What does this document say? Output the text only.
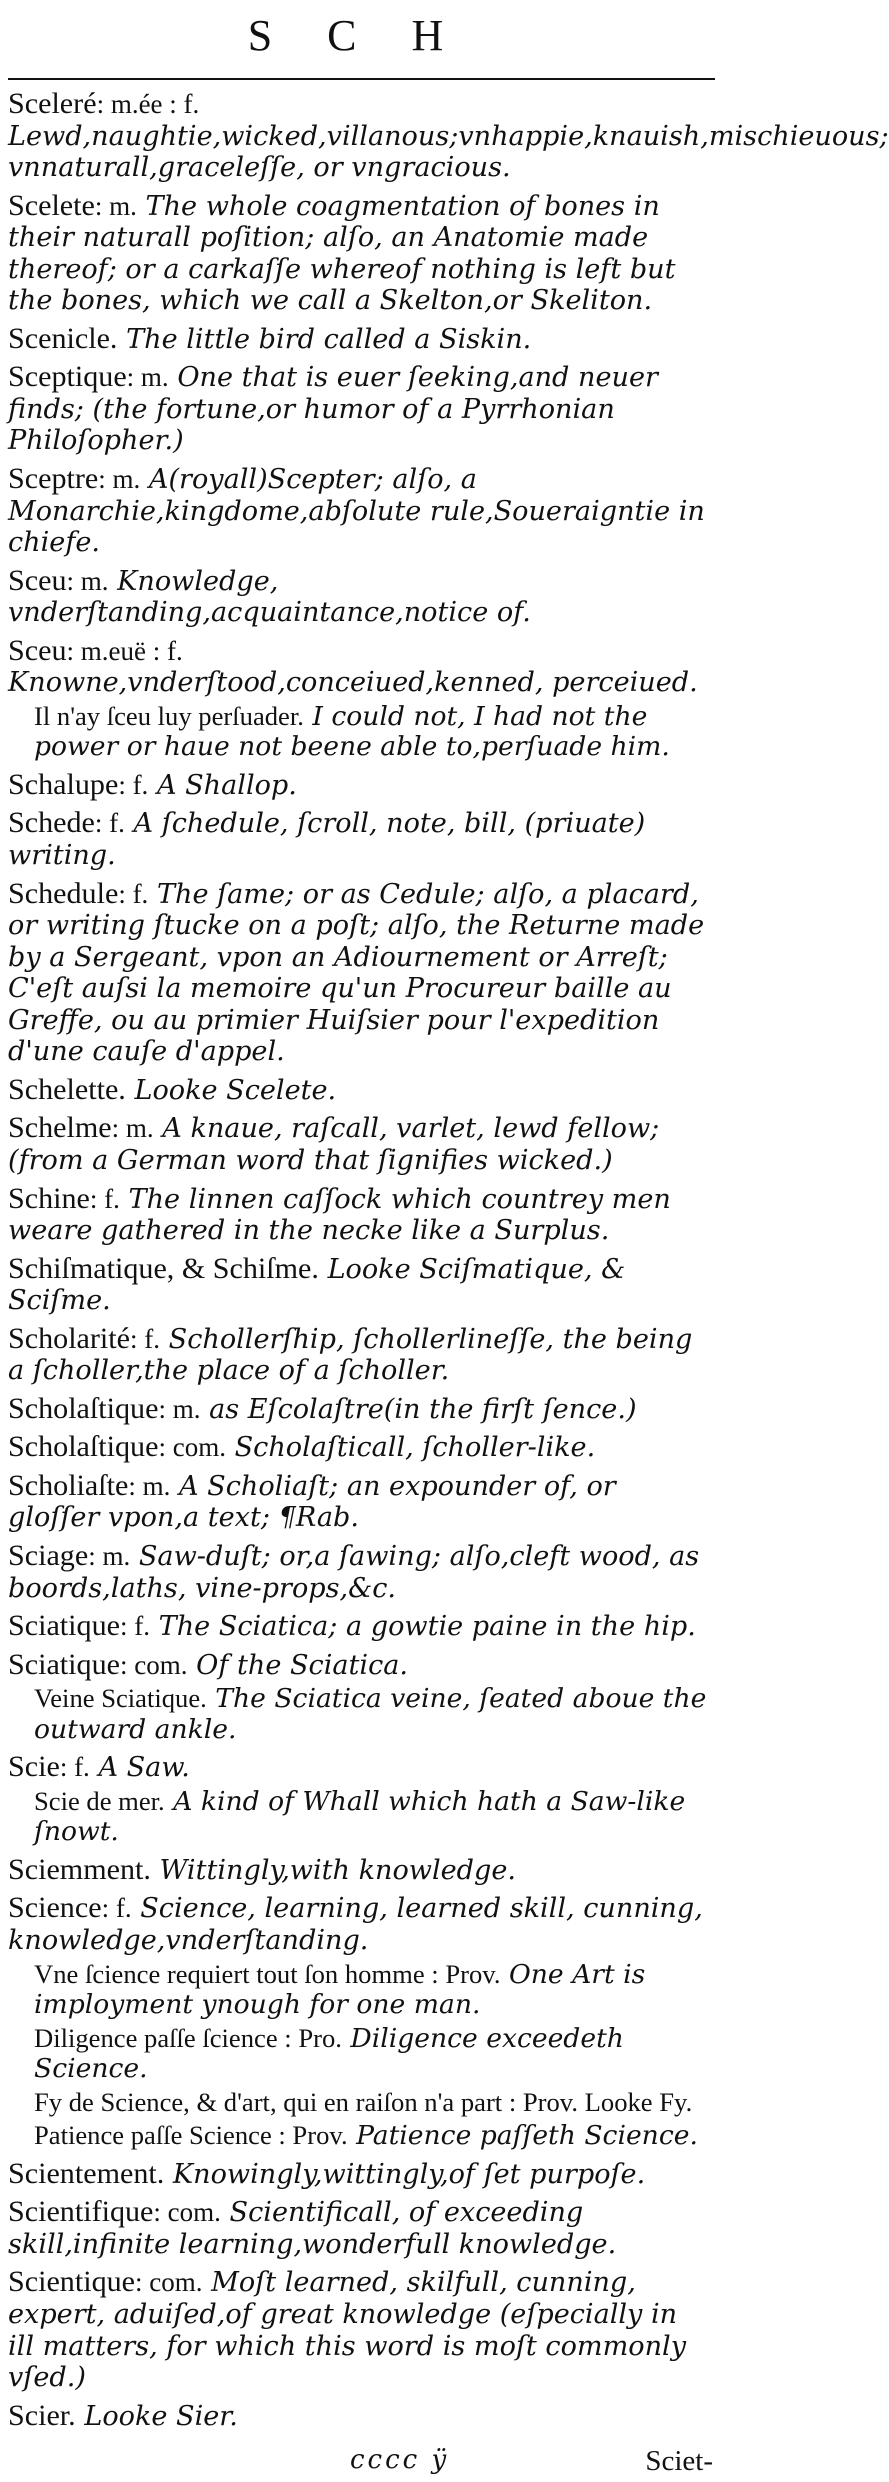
S C H
Sceleré: m.ée : f. Lewd,naughtie,wicked,villanous;vnhappie,knauish,mischieuous; vnnaturall,graceleſſe, or vngracious.
Scelete: m. The whole coagmentation of bones in their naturall poſition; alſo, an Anatomie made thereof; or a carkaſſe whereof nothing is left but the bones, which we call a Skelton,or Skeliton.
Scenicle. The little bird called a Siskin.
Sceptique: m. One that is euer ſeeking,and neuer finds; (the fortune,or humor of a Pyrrhonian Philoſopher.)
Sceptre: m. A(royall)Scepter; alſo, a Monarchie,kingdome,abſolute rule,Soueraigntie in chiefe.
Sceu: m. Knowledge, vnderſtanding,acquaintance,notice of.
Sceu: m.euë : f. Knowne,vnderſtood,conceiued,kenned, perceiued.
Il n'ay ſceu luy perſuader. I could not, I had not the power or haue not beene able to,perſuade him.
Schalupe: f. A Shallop.
Schede: f. A ſchedule, ſcroll, note, bill, (priuate) writing.
Schedule: f. The ſame; or as Cedule; alſo, a placard, or writing ſtucke on a poſt; alſo, the Returne made by a Sergeant, vpon an Adiournement or Arreſt; C'eſt auſsi la memoire qu'un Procureur baille au Greffe, ou au primier Huiſsier pour l'expedition d'une cauſe d'appel.
Schelette. Looke Scelete.
Schelme: m. A knaue, raſcall, varlet, lewd fellow;(from a German word that ſignifies wicked.)
Schine: f. The linnen caſſock which countrey men weare gathered in the necke like a Surplus.
Schiſmatique, & Schiſme. Looke Sciſmatique, & Sciſme.
Scholarité: f. Schollerſhip, ſchollerlineſſe, the being a ſcholler,the place of a ſcholler.
Scholaſtique: m. as Eſcolaſtre(in the firſt ſence.)
Scholaſtique: com. Scholaſticall, ſcholler-like.
Scholiaſte: m. A Scholiaſt; an expounder of, or gloſſer vpon,a text; ¶Rab.
Sciage: m. Saw-duſt; or,a ſawing; alſo,cleft wood, as boords,laths, vine-props,&c.
Sciatique: f. The Sciatica; a gowtie paine in the hip.
Sciatique: com. Of the Sciatica.
Veine Sciatique. The Sciatica veine, ſeated aboue the outward ankle.
Scie: f. A Saw.
Scie de mer. A kind of Whall which hath a Saw-like ſnowt.
Sciemment. Wittingly,with knowledge.
Science: f. Science, learning, learned skill, cunning, knowledge,vnderſtanding.
Vne ſcience requiert tout ſon homme : Prov. One Art is imployment ynough for one man.
Diligence paſſe ſcience : Pro. Diligence exceedeth Science.
Fy de Science, & d'art, qui en raiſon n'a part : Prov. Looke Fy.
Patience paſſe Science : Prov. Patience paſſeth Science.
Scientement. Knowingly,wittingly,of ſet purpoſe.
Scientifique: com. Scientificall, of exceeding skill,infinite learning,wonderfull knowledge.
Scientique: com. Moſt learned, skilfull, cunning, expert, aduiſed,of great knowledge (eſpecially in ill matters, for which this word is moſt commonly vſed.)
Scier. Looke Sier.
cccc ÿ	Sciet-
